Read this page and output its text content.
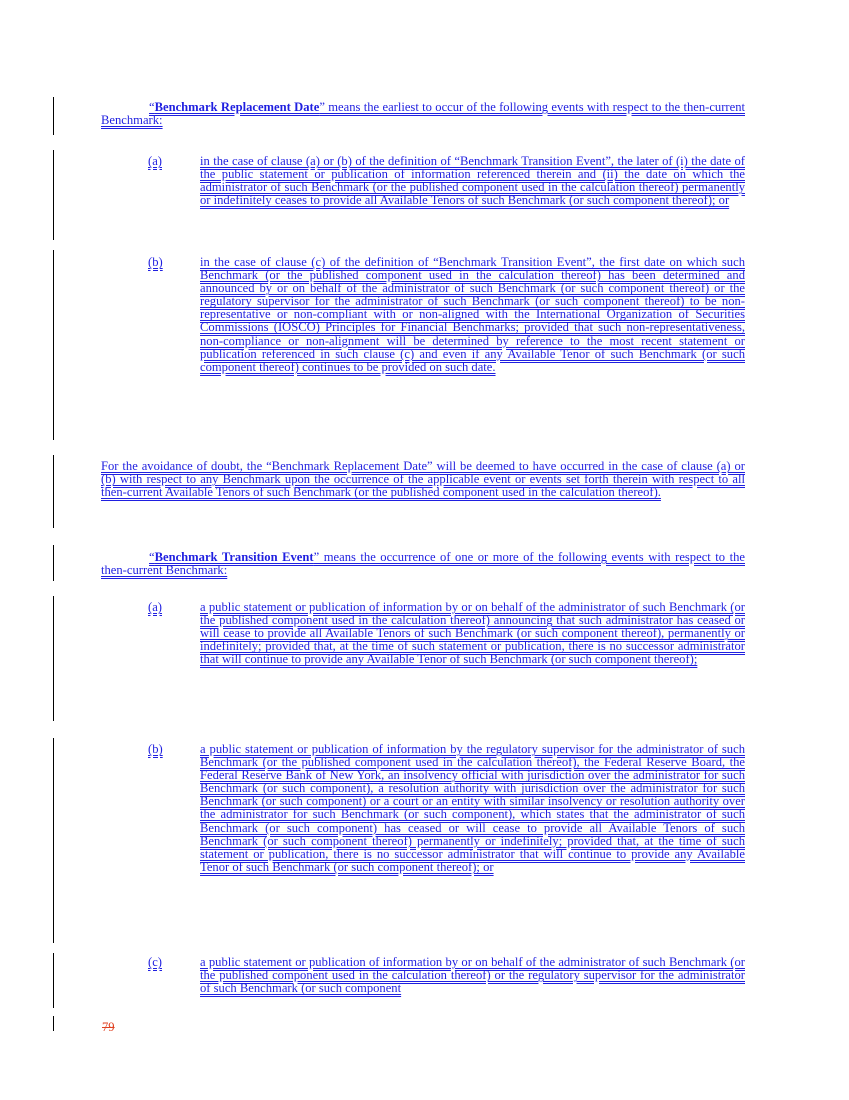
“Benchmark Replacement Date” means the earliest to occur of the following events with respect to the then-current Benchmark:
(a)	in the case of clause (a) or (b) of the definition of “Benchmark Transition Event”, the later of (i) the date of the public statement or publication of information referenced therein and (ii) the date on which the administrator of such Benchmark (or the published component used in the calculation thereof) permanently or indefinitely ceases to provide all Available Tenors of such Benchmark (or such component thereof); or
(b)	in the case of clause (c) of the definition of “Benchmark Transition Event”, the first date on which such Benchmark (or the published component used in the calculation thereof) has been determined and announced by or on behalf of the administrator of such Benchmark (or such component thereof) or the regulatory supervisor for the administrator of such Benchmark (or such component thereof) to be non-representative or non-compliant with or non-aligned with the International Organization of Securities Commissions (IOSCO) Principles for Financial Benchmarks; provided that such non-representativeness, non-compliance or non-alignment will be determined by reference to the most recent statement or publication referenced in such clause (c) and even if any Available Tenor of such Benchmark (or such component thereof) continues to be provided on such date.
For the avoidance of doubt, the “Benchmark Replacement Date” will be deemed to have occurred in the case of clause (a) or (b) with respect to any Benchmark upon the occurrence of the applicable event or events set forth therein with respect to all then-current Available Tenors of such Benchmark (or the published component used in the calculation thereof).
“Benchmark Transition Event” means the occurrence of one or more of the following events with respect to the then-current Benchmark:
(a)	a public statement or publication of information by or on behalf of the administrator of such Benchmark (or the published component used in the calculation thereof) announcing that such administrator has ceased or will cease to provide all Available Tenors of such Benchmark (or such component thereof), permanently or indefinitely; provided that, at the time of such statement or publication, there is no successor administrator that will continue to provide any Available Tenor of such Benchmark (or such component thereof);
(b)	a public statement or publication of information by the regulatory supervisor for the administrator of such Benchmark (or the published component used in the calculation thereof), the Federal Reserve Board, the Federal Reserve Bank of New York, an insolvency official with jurisdiction over the administrator for such Benchmark (or such component), a resolution authority with jurisdiction over the administrator for such Benchmark (or such component) or a court or an entity with similar insolvency or resolution authority over the administrator for such Benchmark (or such component), which states that the administrator of such Benchmark (or such component) has ceased or will cease to provide all Available Tenors of such Benchmark (or such component thereof) permanently or indefinitely; provided that, at the time of such statement or publication, there is no successor administrator that will continue to provide any Available Tenor of such Benchmark (or such component thereof); or
(c)	a public statement or publication of information by or on behalf of the administrator of such Benchmark (or the published component used in the calculation thereof) or the regulatory supervisor for the administrator of such Benchmark (or such component
79
